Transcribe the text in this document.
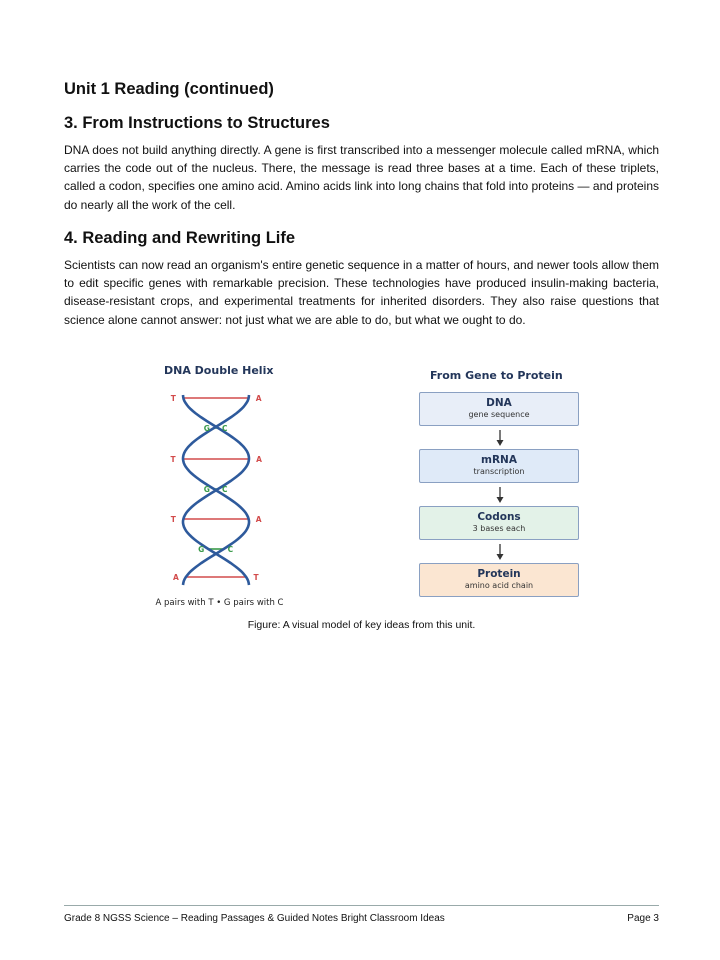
Unit 1 Reading (continued)
3. From Instructions to Structures

DNA does not build anything directly. A gene is first transcribed into a messenger molecule called mRNA, which carries the code out of the nucleus. There, the message is read three bases at a time. Each of these triplets, called a codon, specifies one amino acid. Amino acids link into long chains that fold into proteins — and proteins do nearly all the work of the cell.

4. Reading and Rewriting Life

Scientists can now read an organism's entire genetic sequence in a matter of hours, and newer tools allow them to edit specific genes with remarkable precision. These technologies have produced insulin-making bacteria, disease-resistant crops, and experimental treatments for inherited disorders. They also raise questions that science alone cannot answer: not just what we are able to do, but what we ought to do.

DNA Double Helix
T	A
G C
T	A
G C
T	A
G	C
A	T
A pairs with T • G pairs with C
From Gene to Protein
DNA
gene sequence
mRNA
transcription
Codons
3 bases each
Protein
amino acid chain
Figure: A visual model of key ideas from this unit.
Grade 8 NGSS Science – Reading Passages & Guided Notes Bright Classroom Ideas	Page 3
